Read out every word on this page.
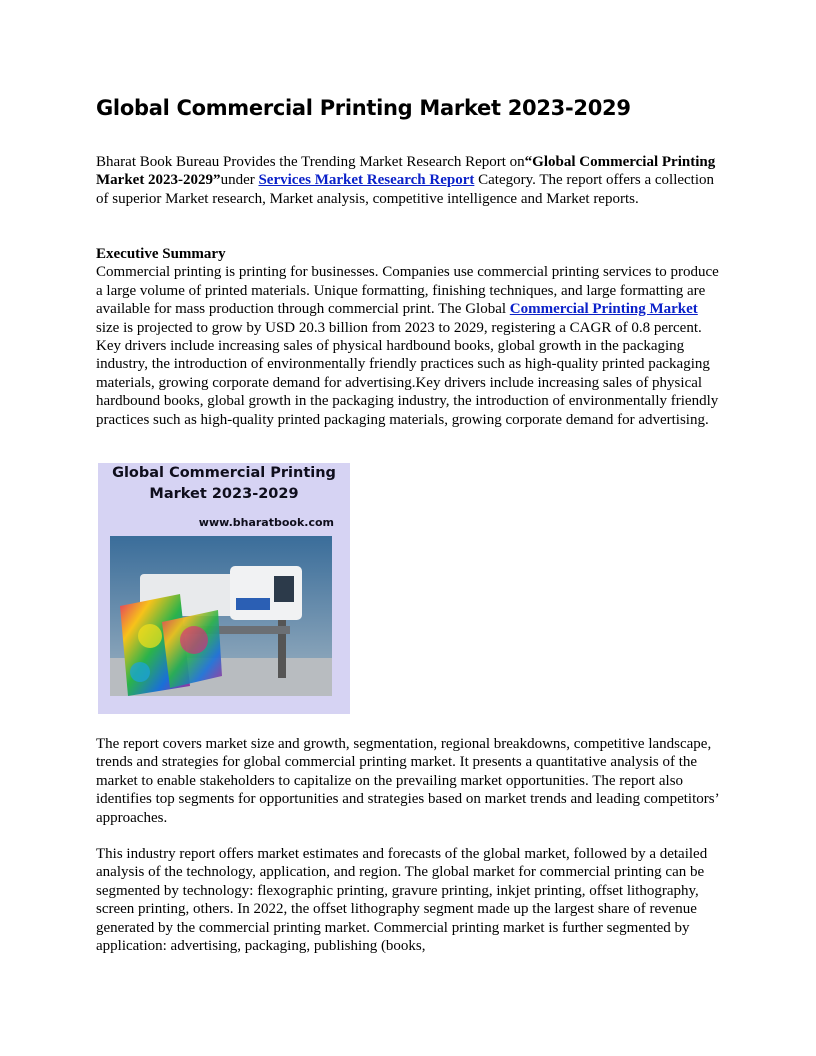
Global Commercial Printing Market 2023-2029

Bharat Book Bureau Provides the Trending Market Research Report on“Global Commercial Printing Market 2023-2029”under Services Market Research Report Category. The report offers a collection of superior Market research, Market analysis, competitive intelligence and Market reports.

Executive Summary
Commercial printing is printing for businesses. Companies use commercial printing services to produce a large volume of printed materials. Unique formatting, finishing techniques, and large formatting are available for mass production through commercial print. The Global Commercial Printing Market size is projected to grow by USD 20.3 billion from 2023 to 2029, registering a CAGR of 0.8 percent. Key drivers include increasing sales of physical hardbound books, global growth in the packaging industry, the introduction of environmentally friendly practices such as high-quality printed packaging materials, growing corporate demand for advertising.Key drivers include increasing sales of physical hardbound books, global growth in the packaging industry, the introduction of environmentally friendly practices such as high-quality printed packaging materials, growing corporate demand for advertising.
Global Commercial Printing
Market 2023-2029
www.bharatbook.com

The report covers market size and growth, segmentation, regional breakdowns, competitive landscape, trends and strategies for global commercial printing market. It presents a quantitative analysis of the market to enable stakeholders to capitalize on the prevailing market opportunities. The report also identifies top segments for opportunities and strategies based on market trends and leading competitors’ approaches.

This industry report offers market estimates and forecasts of the global market, followed by a detailed analysis of the technology, application, and region. The global market for commercial printing can be segmented by technology: flexographic printing, gravure printing, inkjet printing, offset lithography, screen printing, others. In 2022, the offset lithography segment made up the largest share of revenue generated by the commercial printing market. Commercial printing market is further segmented by application: advertising, packaging, publishing (books,
